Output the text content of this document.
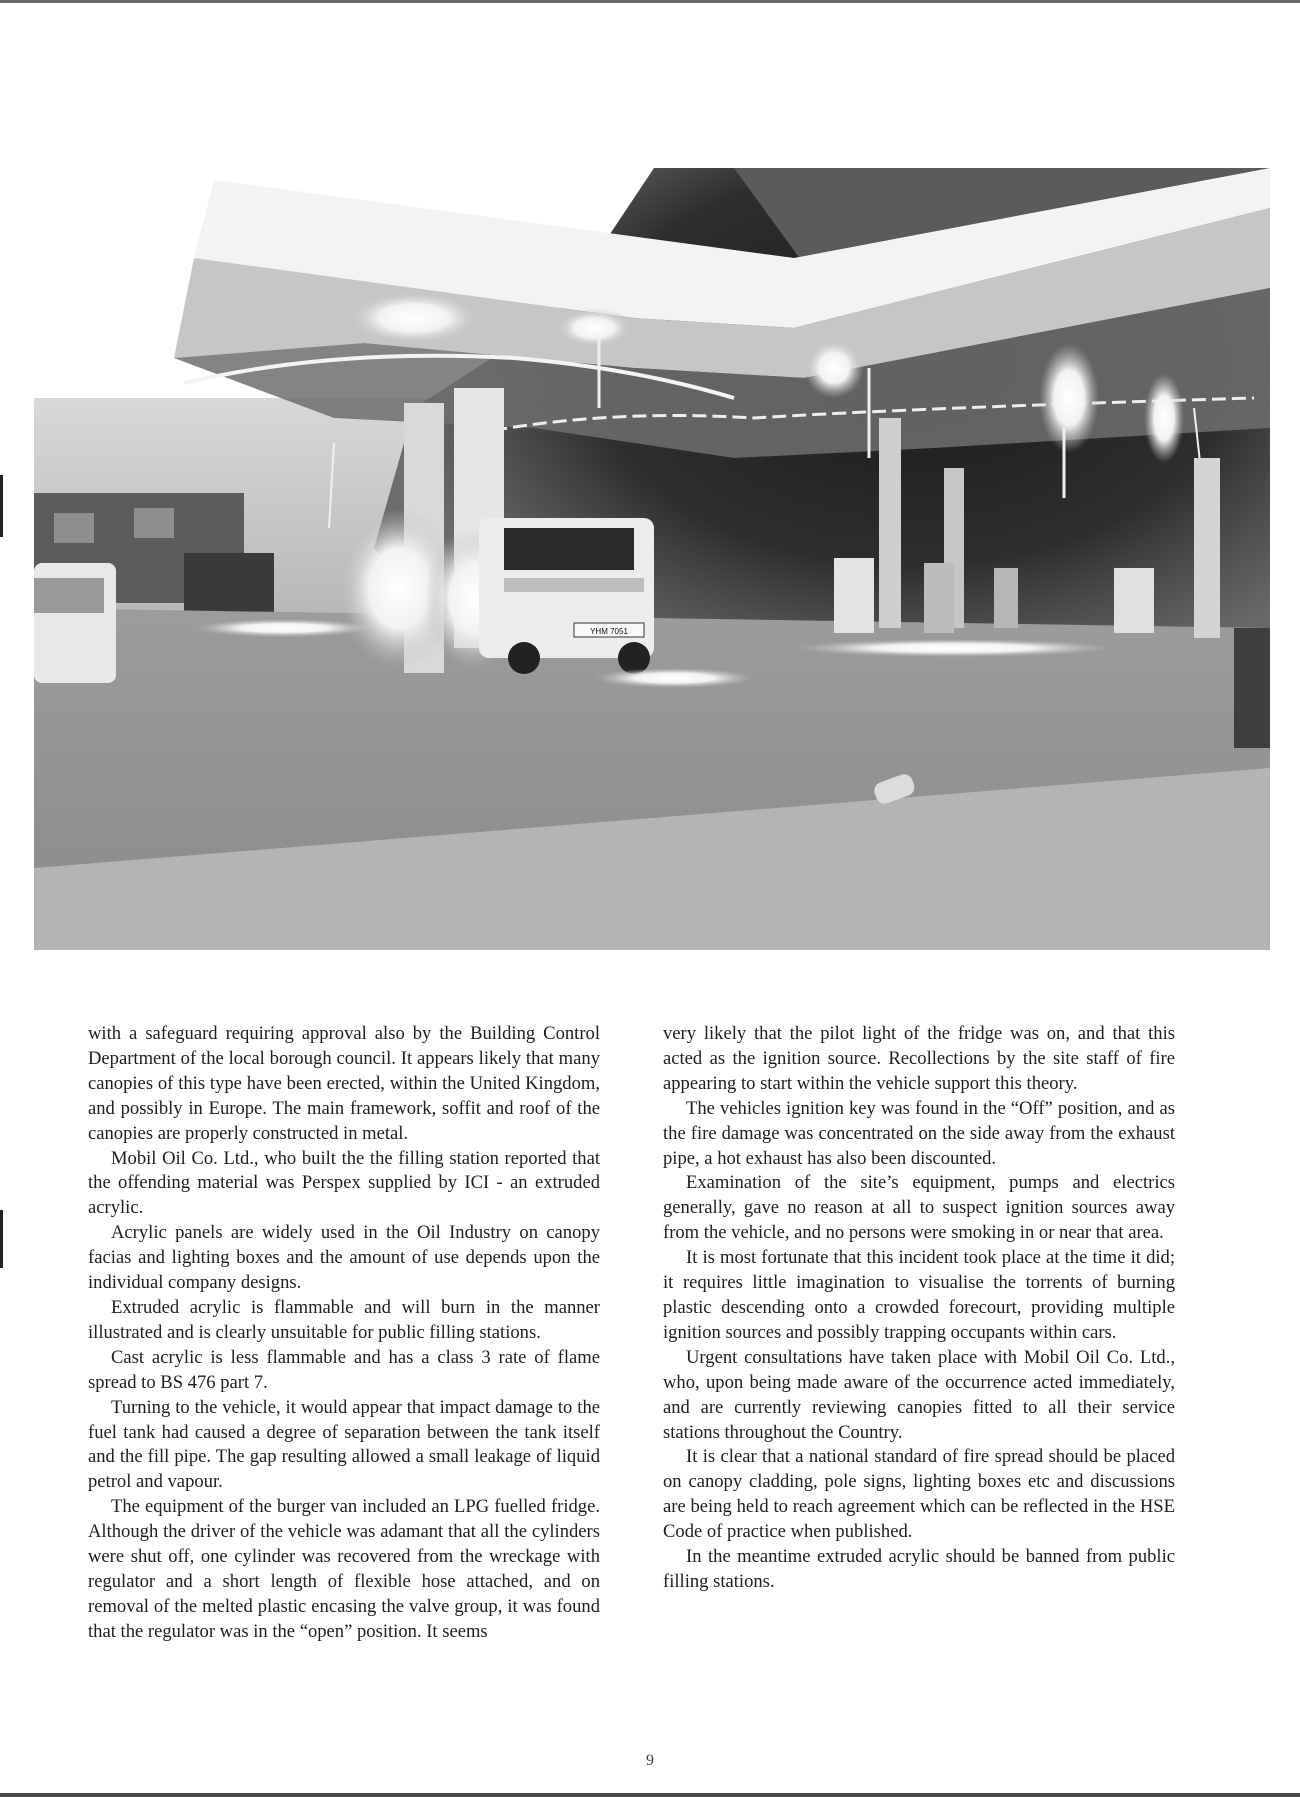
YHM 7051

with a safeguard requiring approval also by the Building Control Department of the local borough council. It appears likely that many canopies of this type have been erected, within the United Kingdom, and possibly in Europe. The main framework, soffit and roof of the canopies are properly constructed in metal.

Mobil Oil Co. Ltd., who built the the filling station reported that the offending material was Perspex supplied by ICI - an extruded acrylic.

Acrylic panels are widely used in the Oil Industry on canopy facias and lighting boxes and the amount of use depends upon the individual company designs.

Extruded acrylic is flammable and will burn in the manner illustrated and is clearly unsuitable for public filling stations.

Cast acrylic is less flammable and has a class 3 rate of flame spread to BS 476 part 7.

Turning to the vehicle, it would appear that impact damage to the fuel tank had caused a degree of separation between the tank itself and the fill pipe. The gap resulting allowed a small leakage of liquid petrol and vapour.

The equipment of the burger van included an LPG fuelled fridge. Although the driver of the vehicle was adamant that all the cylinders were shut off, one cylinder was recovered from the wreckage with regulator and a short length of flexible hose attached, and on removal of the melted plastic encasing the valve group, it was found that the regulator was in the “open” position. It seems

very likely that the pilot light of the fridge was on, and that this acted as the ignition source. Recollections by the site staff of fire appearing to start within the vehicle support this theory.

The vehicles ignition key was found in the “Off” position, and as the fire damage was concentrated on the side away from the exhaust pipe, a hot exhaust has also been discounted.

Examination of the site’s equipment, pumps and electrics generally, gave no reason at all to suspect ignition sources away from the vehicle, and no persons were smoking in or near that area.

It is most fortunate that this incident took place at the time it did; it requires little imagination to visualise the torrents of burning plastic descending onto a crowded forecourt, providing multiple ignition sources and possibly trapping occupants within cars.

Urgent consultations have taken place with Mobil Oil Co. Ltd., who, upon being made aware of the occurrence acted immediately, and are currently reviewing canopies fitted to all their service stations throughout the Country.

It is clear that a national standard of fire spread should be placed on canopy cladding, pole signs, lighting boxes etc and discussions are being held to reach agreement which can be reflected in the HSE Code of practice when published.

In the meantime extruded acrylic should be banned from public filling stations.

9
